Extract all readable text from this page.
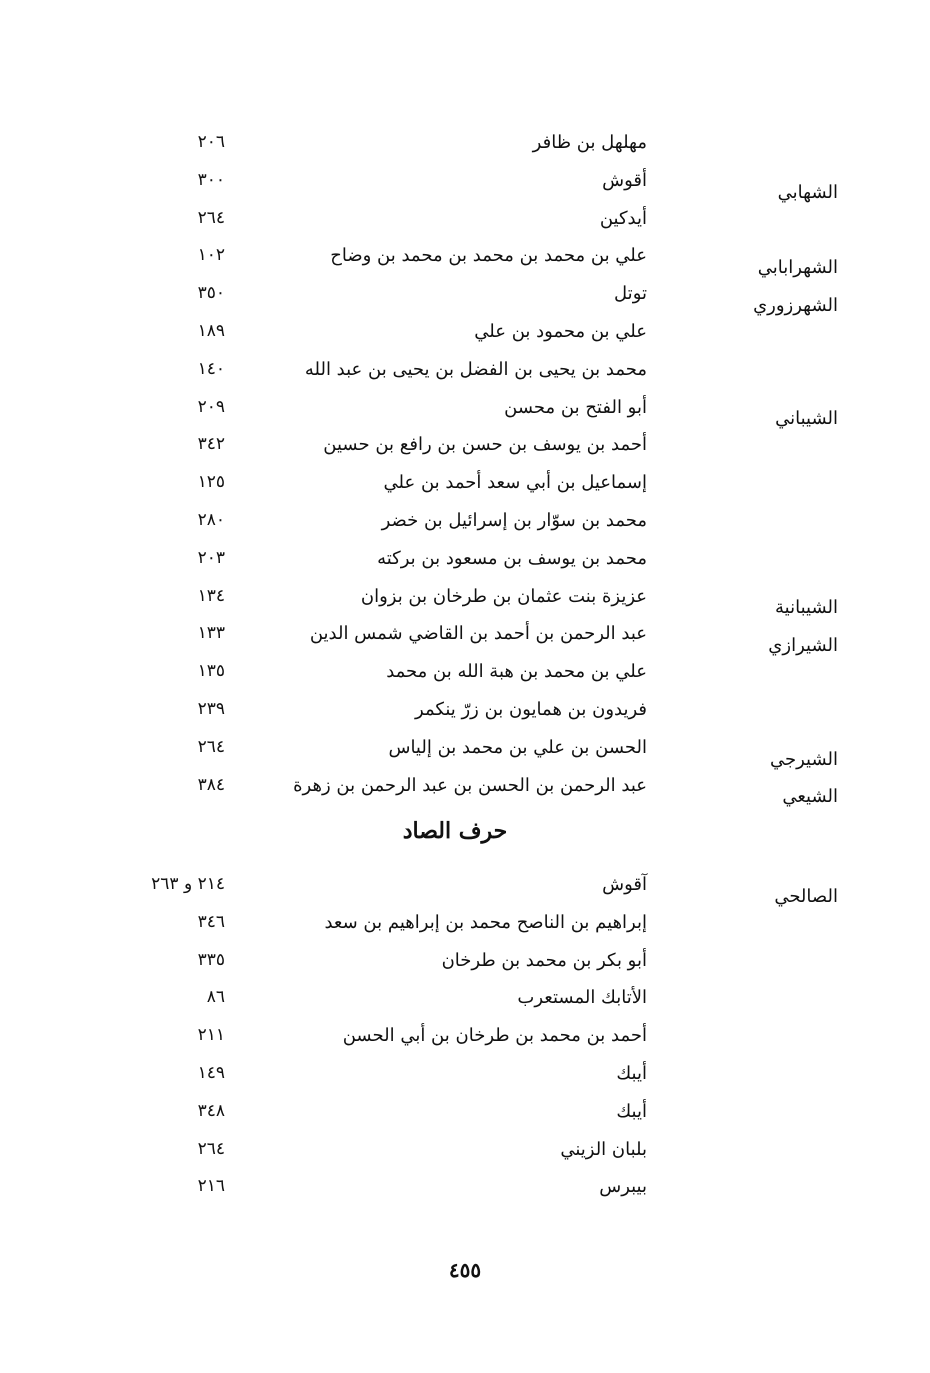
مهلهل بن ظافر
٢٠٦
الشهابي
أقوش
٣٠٠
أيدكين
٢٦٤
الشهرابابي
علي بن محمد بن محمد بن محمد بن وضاح
١٠٢
الشهرزوري
توتل
٣٥٠
علي بن محمود بن علي
١٨٩
محمد بن يحيى بن الفضل بن يحيى بن عبد الله
١٤٠
الشيباني
أبو الفتح بن محسن
٢٠٩
أحمد بن يوسف بن حسن بن رافع بن حسين
٣٤٢
إسماعيل بن أبي سعد أحمد بن علي
١٢٥
محمد بن سوّار بن إسرائيل بن خضر
٢٨٠
محمد بن يوسف بن مسعود بن بركته
٢٠٣
الشيبانية
عزيزة بنت عثمان بن طرخان بن بزوان
١٣٤
الشيرازي
عبد الرحمن بن أحمد بن القاضي شمس الدين
١٣٣
علي بن محمد بن هبة الله بن محمد
١٣٥
فريدون بن همايون بن زرّ ينكمر
٢٣٩
الشيرجي
الحسن بن علي بن محمد بن إلياس
٢٦٤
الشيعي
عبد الرحمن بن الحسن بن عبد الرحمن بن زهرة
٣٨٤
حرف الصاد
الصالحي
آقوش
٢١٤ و ٢٦٣
إبراهيم بن الناصح محمد بن إبراهيم بن سعد
٣٤٦
أبو بكر بن محمد بن طرخان
٣٣٥
الأتابك المستعرب
٨٦
أحمد بن محمد بن طرخان بن أبي الحسن
٢١١
أيبك
١٤٩
أيبك
٣٤٨
بلبان الزيني
٢٦٤
بيبرس
٢١٦
٤٥٥
